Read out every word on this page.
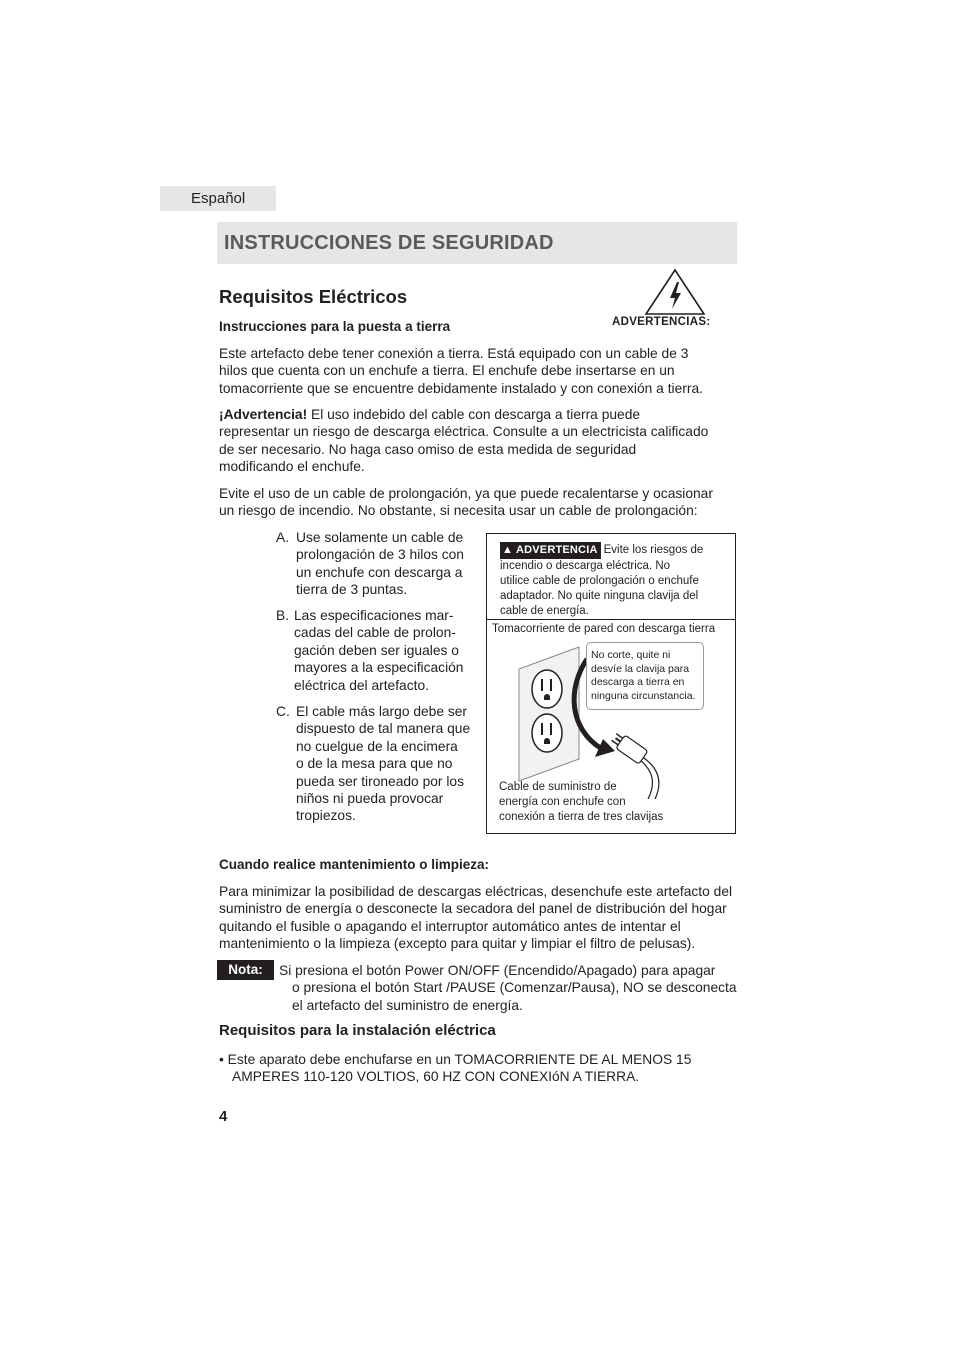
Español
INSTRUCCIONES DE SEGURIDAD
Requisitos Eléctricos
ADVERTENCIAS:
Instrucciones para la puesta a tierra
Este artefacto debe tener conexión a tierra. Está equipado con un cable de 3
hilos que cuenta con un enchufe a tierra. El enchufe debe insertarse en un
tomacorriente que se encuentre debidamente instalado y con conexión a tierra.
¡Advertencia! El uso indebido del cable con descarga a tierra puede
representar un riesgo de descarga eléctrica. Consulte a un electricista calificado
de ser necesario. No haga caso omiso de esta medida de seguridad
modificando el enchufe.
Evite el uso de un cable de prolongación, ya que puede recalentarse y ocasionar
un riesgo de incendio. No obstante, si necesita usar un cable de prolongación:
A. Use solamente un cable de
prolongación de 3 hilos con
un enchufe con descarga a
tierra de 3 puntas.
B. Las especificaciones mar-
cadas del cable de prolon-
gación deben ser iguales o
mayores a la especificación
eléctrica del artefacto.
C. El cable más largo debe ser
dispuesto de tal manera que
no cuelgue de la encimera
o de la mesa para que no
pueda ser tironeado por los
niños ni pueda provocar
tropiezos.
▲ ADVERTENCIA Evite los riesgos de
incendio o descarga eléctrica. No
utilice cable de prolongación o enchufe
adaptador. No quite ninguna clavija del
cable de energía.
Tomacorriente de pared con descarga tierra
No corte, quite ni
desvíe la clavija para
descarga a tierra en
ninguna circunstancia.
Cable de suministro de
energía con enchufe con
conexión a tierra de tres clavijas
Cuando realice mantenimiento o limpieza:
Para minimizar la posibilidad de descargas eléctricas, desenchufe este artefacto del
suministro de energía o desconecte la secadora del panel de distribución del hogar
quitando el fusible o apagando el interruptor automático antes de intentar el
mantenimiento o la limpieza (excepto para quitar y limpiar el filtro de pelusas).
Nota:	Si presiona el botón Power ON/OFF (Encendido/Apagado) para apagar
o presiona el botón Start /PAUSE (Comenzar/Pausa), NO se desconecta
el artefacto del suministro de energía.
Requisitos para la instalación eléctrica
• Este aparato debe enchufarse en un TOMACORRIENTE DE AL MENOS 15
AMPERES 110-120 VOLTIOS, 60 HZ CON CONEXIóN A TIERRA.
4
